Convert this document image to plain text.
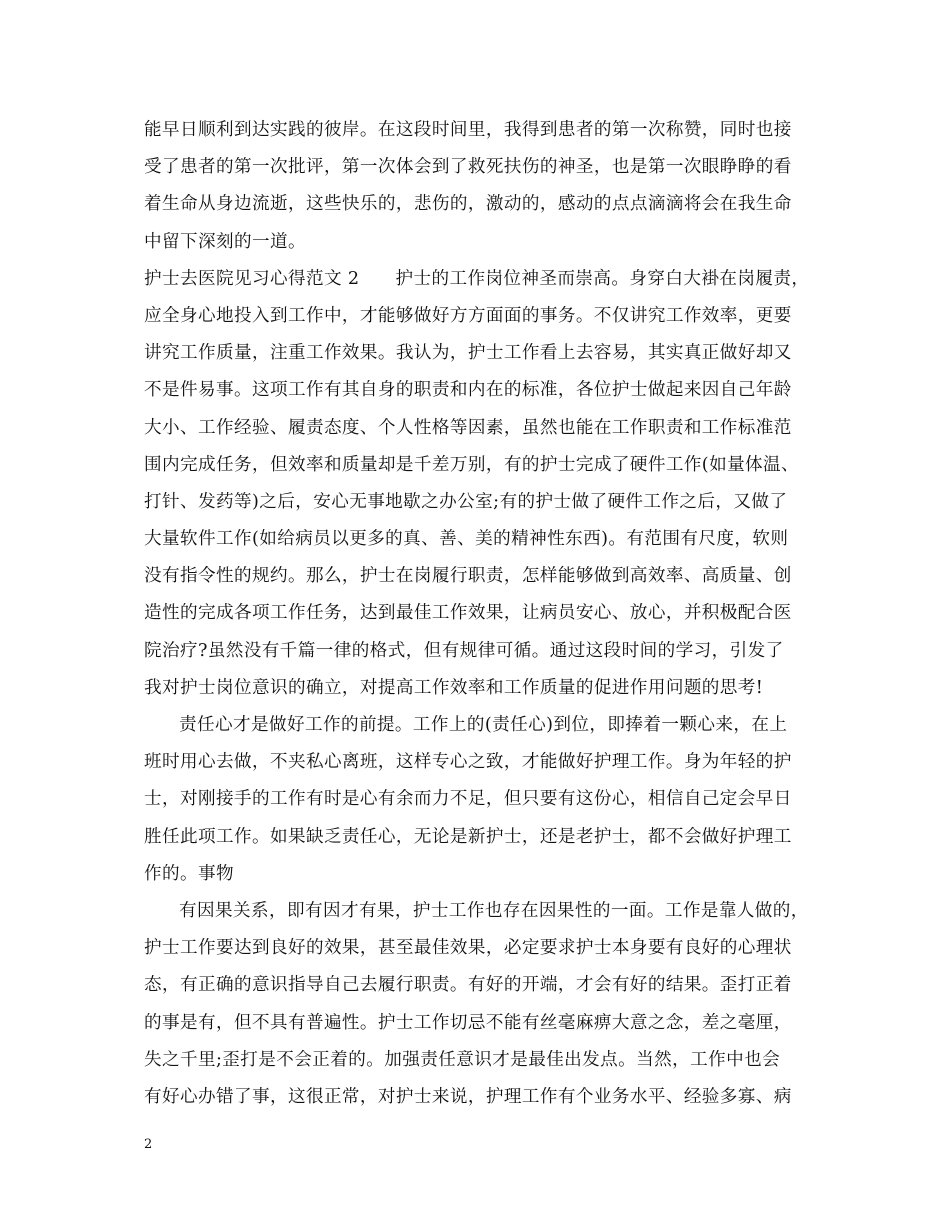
能早日顺利到达实践的彼岸。在这段时间里，我得到患者的第一次称赞，同时也接
受了患者的第一次批评，第一次体会到了救死扶伤的神圣，也是第一次眼睁睁的看
着生命从身边流逝，这些快乐的，悲伤的，激动的，感动的点点滴滴将会在我生命
中留下深刻的一道。
护士去医院见习心得范文 2      护士的工作岗位神圣而崇高。身穿白大褂在岗履责，
应全身心地投入到工作中，才能够做好方方面面的事务。不仅讲究工作效率，更要
讲究工作质量，注重工作效果。我认为，护士工作看上去容易，其实真正做好却又
不是件易事。这项工作有其自身的职责和内在的标准，各位护士做起来因自己年龄
大小、工作经验、履责态度、个人性格等因素，虽然也能在工作职责和工作标准范
围内完成任务，但效率和质量却是千差万别，有的护士完成了硬件工作(如量体温、
打针、发药等)之后，安心无事地歇之办公室;有的护士做了硬件工作之后，又做了
大量软件工作(如给病员以更多的真、善、美的精神性东西)。有范围有尺度，软则
没有指令性的规约。那么，护士在岗履行职责，怎样能够做到高效率、高质量、创
造性的完成各项工作任务，达到最佳工作效果，让病员安心、放心，并积极配合医
院治疗?虽然没有千篇一律的格式，但有规律可循。通过这段时间的学习，引发了
我对护士岗位意识的确立，对提高工作效率和工作质量的促进作用问题的思考!
责任心才是做好工作的前提。工作上的(责任心)到位，即捧着一颗心来，在上
班时用心去做，不夹私心离班，这样专心之致，才能做好护理工作。身为年轻的护
士，对刚接手的工作有时是心有余而力不足，但只要有这份心，相信自己定会早日
胜任此项工作。如果缺乏责任心，无论是新护士，还是老护士，都不会做好护理工
作的。事物
有因果关系，即有因才有果，护士工作也存在因果性的一面。工作是靠人做的，
护士工作要达到良好的效果，甚至最佳效果，必定要求护士本身要有良好的心理状
态，有正确的意识指导自己去履行职责。有好的开端，才会有好的结果。歪打正着
的事是有，但不具有普遍性。护士工作切忌不能有丝毫麻痹大意之念，差之毫厘，
失之千里;歪打是不会正着的。加强责任意识才是最佳出发点。当然，工作中也会
有好心办错了事，这很正常，对护士来说，护理工作有个业务水平、经验多寡、病
2
